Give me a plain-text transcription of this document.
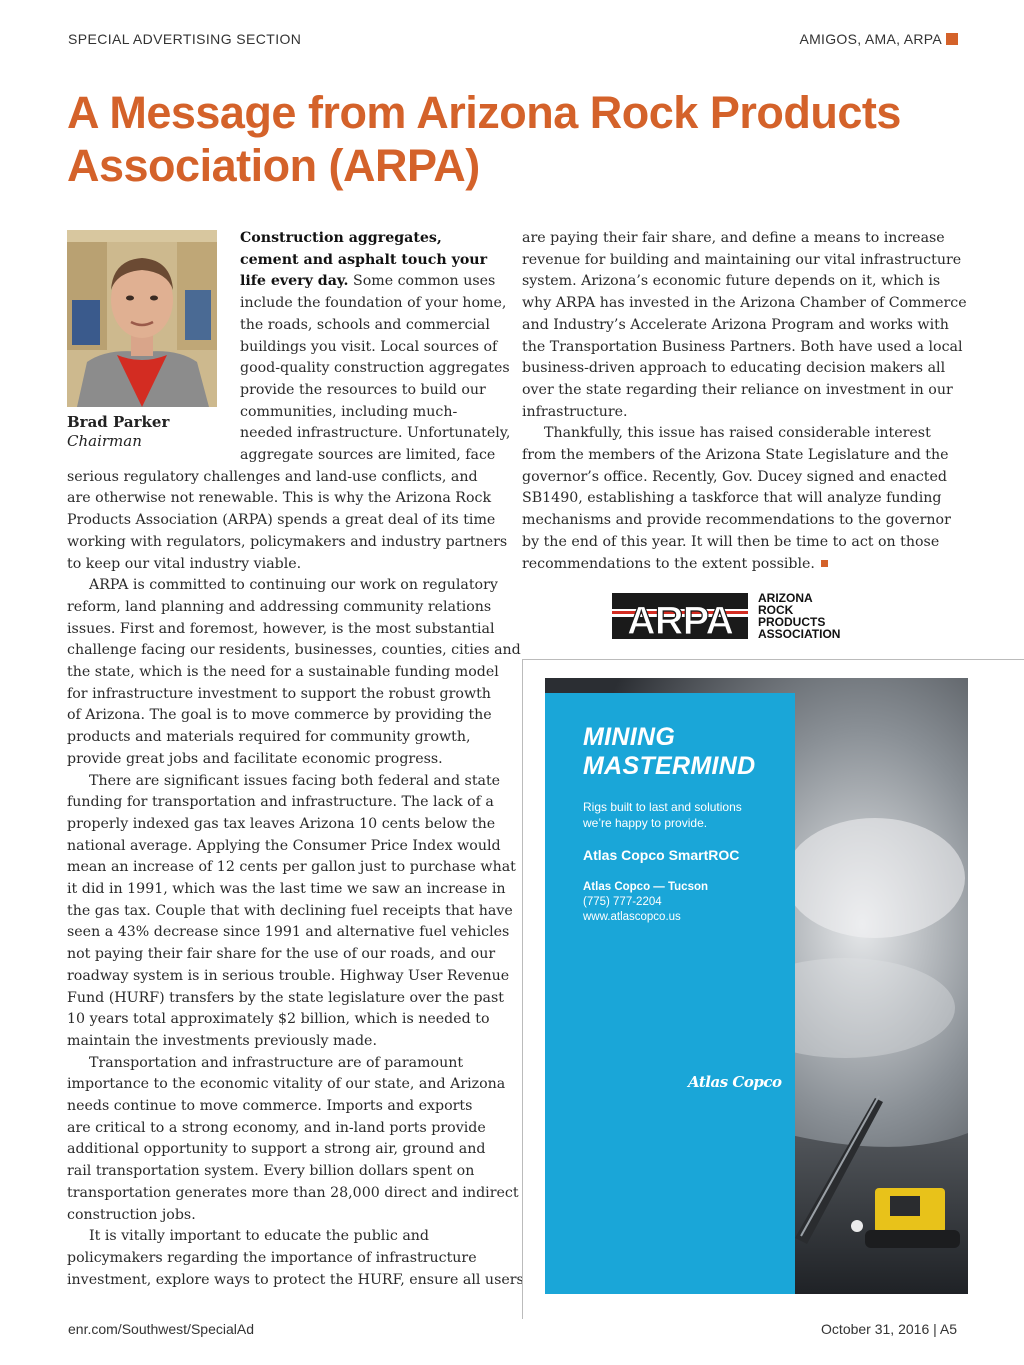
SPECIAL ADVERTISING SECTION	AMIGOS, AMA, ARPA
A Message from Arizona Rock Products
Association (ARPA)
Brad Parker
Chairman
Construction aggregates,
cement and asphalt touch your
life every day. Some common uses
include the foundation of your home,
the roads, schools and commercial
buildings you visit. Local sources of
good-quality construction aggregates
provide the resources to build our
communities, including much-
needed infrastructure. Unfortunately,
aggregate sources are limited, face
serious regulatory challenges and land-use conflicts, and
are otherwise not renewable. This is why the Arizona Rock
Products Association (ARPA) spends a great deal of its time
working with regulators, policymakers and industry partners
to keep our vital industry viable.
ARPA is committed to continuing our work on regulatory
reform, land planning and addressing community relations
issues. First and foremost, however, is the most substantial
challenge facing our residents, businesses, counties, cities and
the state, which is the need for a sustainable funding model
for infrastructure investment to support the robust growth
of Arizona. The goal is to move commerce by providing the
products and materials required for community growth,
provide great jobs and facilitate economic progress.
There are significant issues facing both federal and state
funding for transportation and infrastructure. The lack of a
properly indexed gas tax leaves Arizona 10 cents below the
national average. Applying the Consumer Price Index would
mean an increase of 12 cents per gallon just to purchase what
it did in 1991, which was the last time we saw an increase in
the gas tax. Couple that with declining fuel receipts that have
seen a 43% decrease since 1991 and alternative fuel vehicles
not paying their fair share for the use of our roads, and our
roadway system is in serious trouble. Highway User Revenue
Fund (HURF) transfers by the state legislature over the past
10 years total approximately $2 billion, which is needed to
maintain the investments previously made.
Transportation and infrastructure are of paramount
importance to the economic vitality of our state, and Arizona
needs continue to move commerce. Imports and exports
are critical to a strong economy, and in-land ports provide
additional opportunity to support a strong air, ground and
rail transportation system. Every billion dollars spent on
transportation generates more than 28,000 direct and indirect
construction jobs.
It is vitally important to educate the public and
policymakers regarding the importance of infrastructure
investment, explore ways to protect the HURF, ensure all users
are paying their fair share, and define a means to increase
revenue for building and maintaining our vital infrastructure
system. Arizona’s economic future depends on it, which is
why ARPA has invested in the Arizona Chamber of Commerce
and Industry’s Accelerate Arizona Program and works with
the Transportation Business Partners. Both have used a local
business-driven approach to educating decision makers all
over the state regarding their reliance on investment in our
infrastructure.
Thankfully, this issue has raised considerable interest
from the members of the Arizona State Legislature and the
governor’s office. Recently, Gov. Ducey signed and enacted
SB1490, establishing a taskforce that will analyze funding
mechanisms and provide recommendations to the governor
by the end of this year. It will then be time to act on those
recommendations to the extent possible.
ARPA
ARIZONA
ROCK
PRODUCTS
ASSOCIATION
MINING
MASTERMIND
Rigs built to last and solutions
we’re happy to provide.
Atlas Copco SmartROC
Atlas Copco — Tucson
(775) 777-2204
www.atlascopco.us
Atlas Copco
enr.com/Southwest/SpecialAd	October 31, 2016 | A5
